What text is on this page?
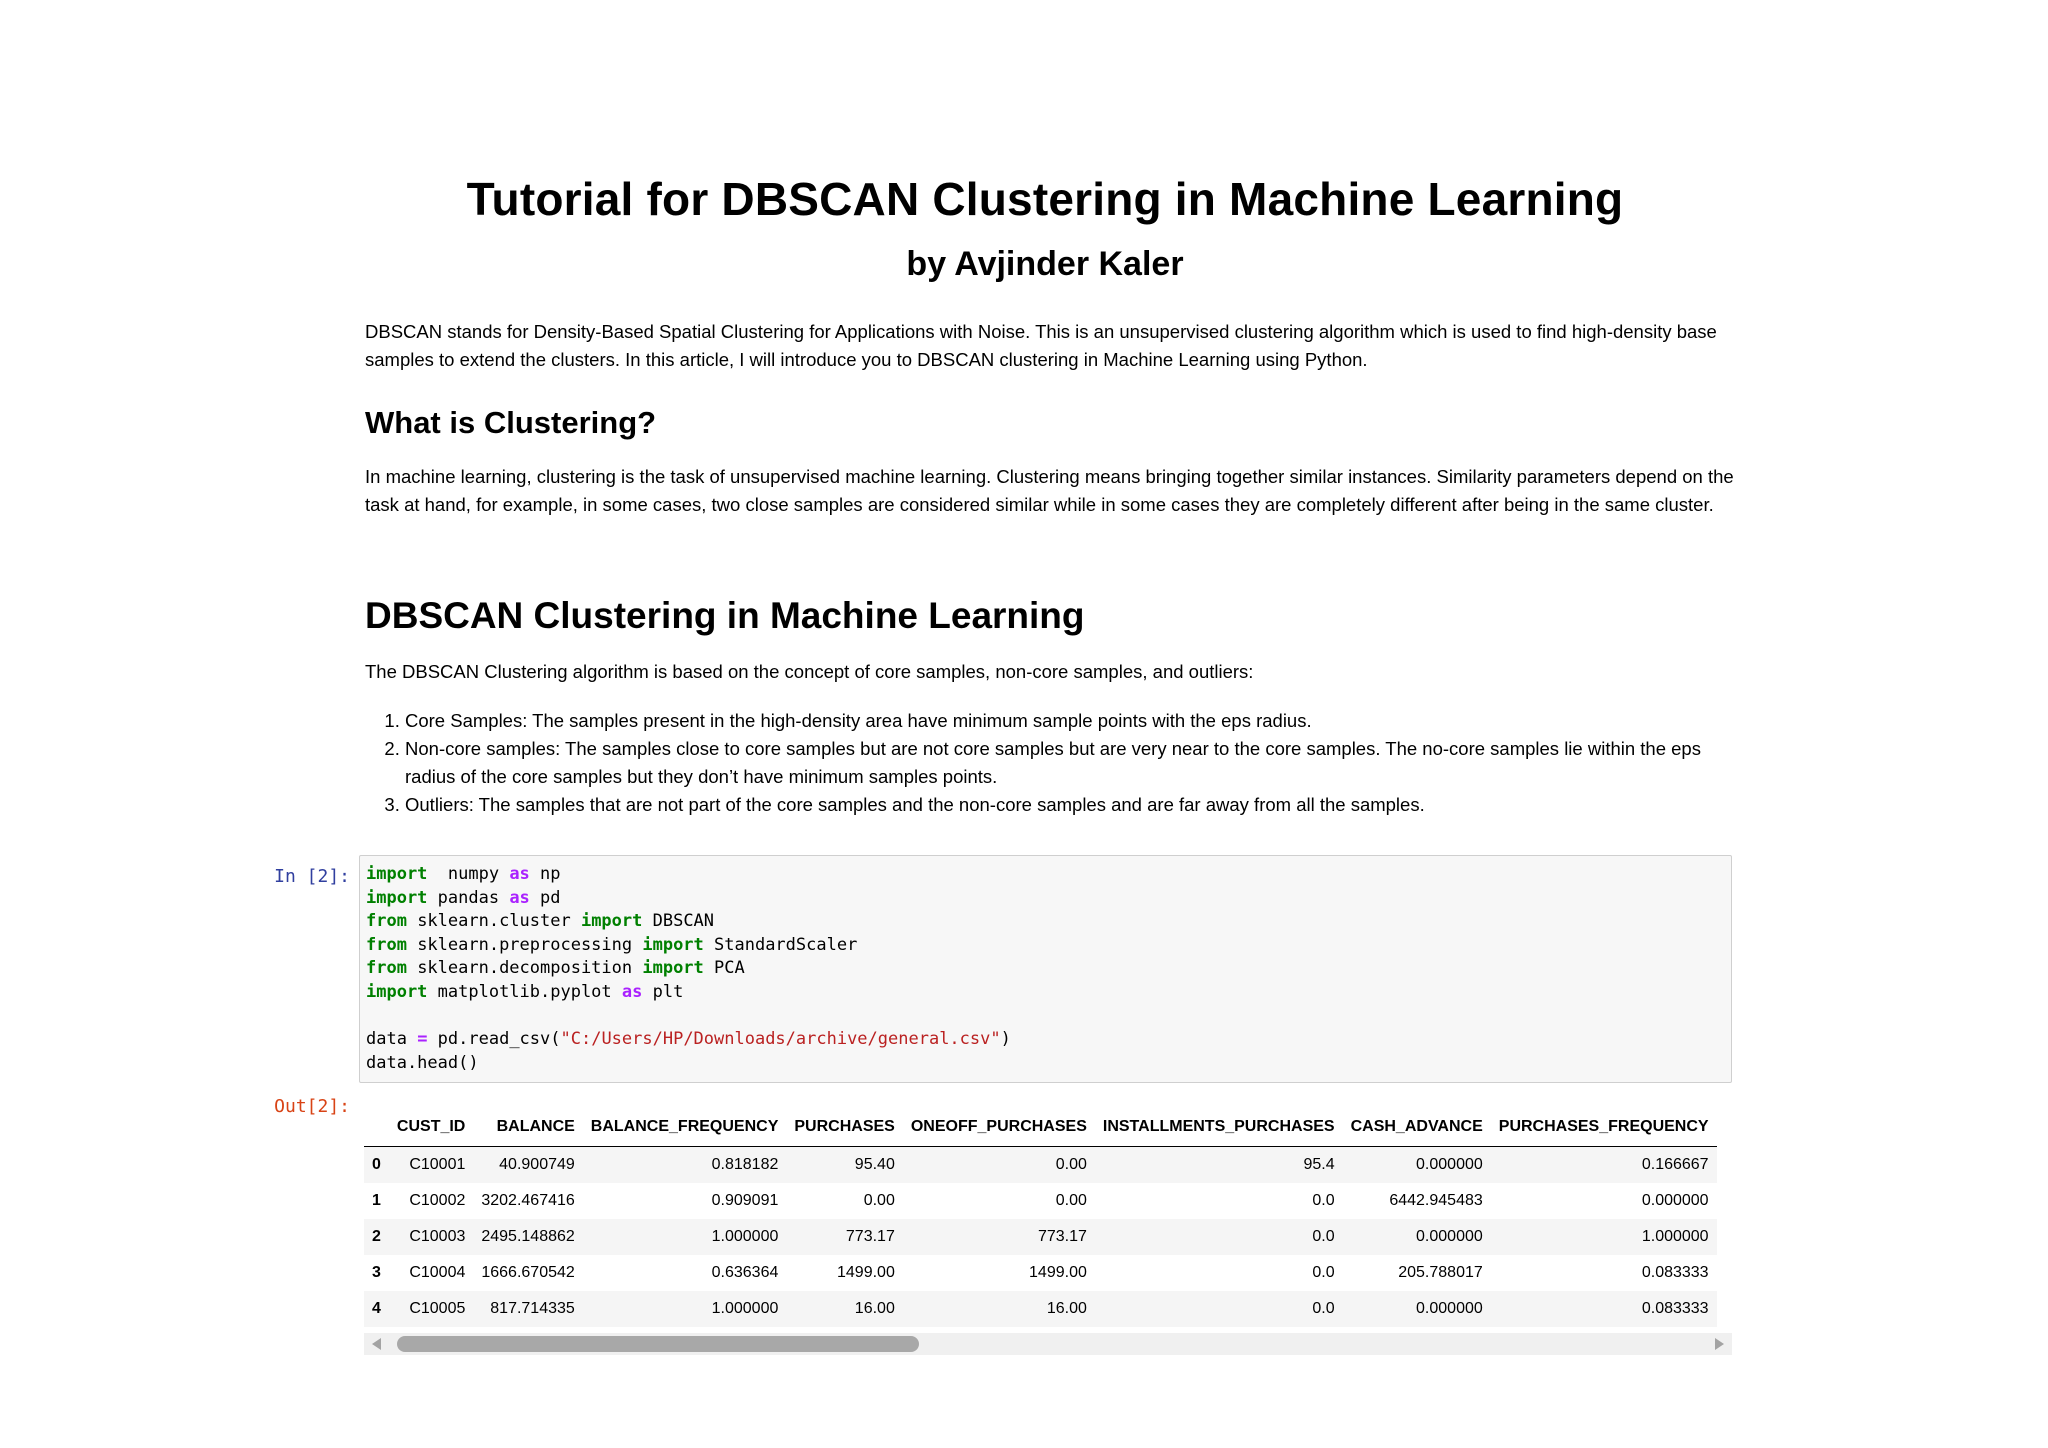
Tutorial for DBSCAN Clustering in Machine Learning
by Avjinder Kaler

DBSCAN stands for Density-Based Spatial Clustering for Applications with Noise. This is an unsupervised clustering algorithm which is used to find high-density base samples to extend the clusters. In this article, I will introduce you to DBSCAN clustering in Machine Learning using Python.

What is Clustering?

In machine learning, clustering is the task of unsupervised machine learning. Clustering means bringing together similar instances. Similarity parameters depend on the task at hand, for example, in some cases, two close samples are considered similar while in some cases they are completely different after being in the same cluster.

DBSCAN Clustering in Machine Learning

The DBSCAN Clustering algorithm is based on the concept of core samples, non-core samples, and outliers:

1. Core Samples: The samples present in the high-density area have minimum sample points with the eps radius.
2. Non-core samples: The samples close to core samples but are not core samples but are very near to the core samples. The no-core samples lie within the eps radius of the core samples but they don’t have minimum samples points.
3. Outliers: The samples that are not part of the core samples and the non-core samples and are far away from all the samples.
In [2]: import  numpy as np
import pandas as pd
from sklearn.cluster import DBSCAN
from sklearn.preprocessing import StandardScaler
from sklearn.decomposition import PCA
import matplotlib.pyplot as plt
data = pd.read_csv("C:/Users/HP/Downloads/archive/general.csv")
data.head()
Out[2]:
	CUST_ID	BALANCE	BALANCE_FREQUENCY	PURCHASES	ONEOFF_PURCHASES	INSTALLMENTS_PURCHASES	CASH_ADVANCE	PURCHASES_FREQUENCY
0	C10001	40.900749	0.818182	95.40	0.00	95.4	0.000000	0.166667
1	C10002	3202.467416	0.909091	0.00	0.00	0.0	6442.945483	0.000000
2	C10003	2495.148862	1.000000	773.17	773.17	0.0	0.000000	1.000000
3	C10004	1666.670542	0.636364	1499.00	1499.00	0.0	205.788017	0.083333
4	C10005	817.714335	1.000000	16.00	16.00	0.0	0.000000	0.083333
